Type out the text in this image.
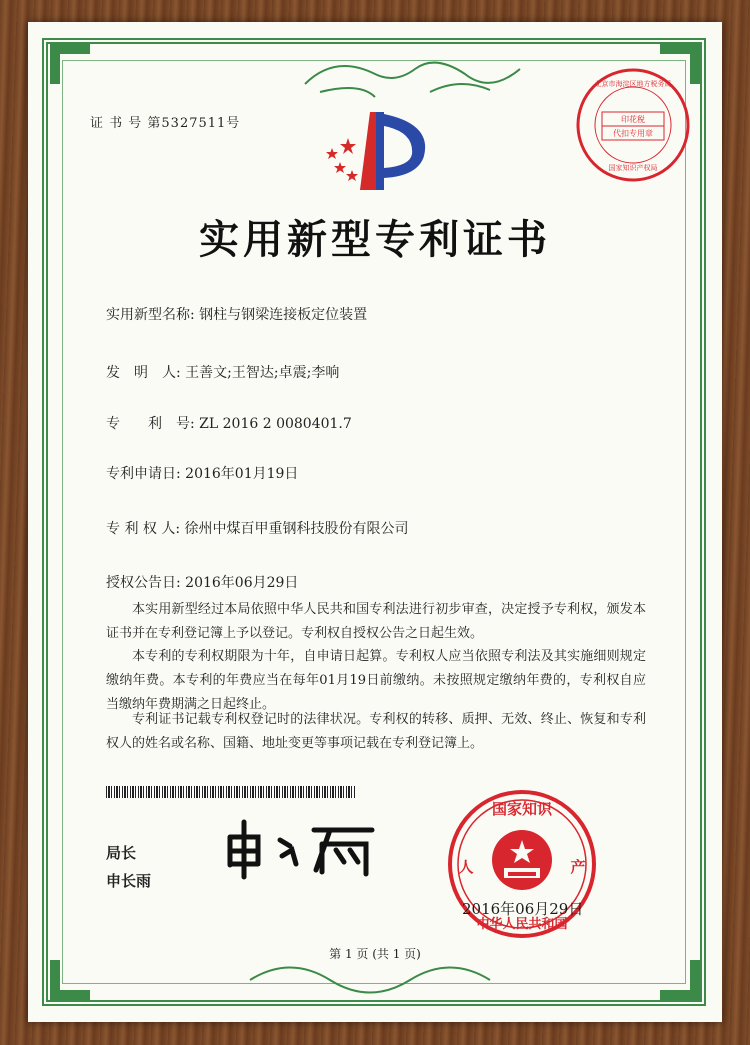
证 书 号 第5327511号	印花税
代扣专用章
北京市海淀区地方税务局
国家知识产权局
实用新型专利证书
实用新型名称: 钢柱与钢梁连接板定位装置
发　明　人: 王善文;王智达;卓震;李响
专　　利　号: ZL 2016 2 0080401.7
专利申请日: 2016年01月19日
专 利 权 人: 徐州中煤百甲重钢科技股份有限公司
授权公告日: 2016年06月29日
本实用新型经过本局依照中华人民共和国专利法进行初步审查，决定授予专利权，颁发本证书并在专利登记簿上予以登记。专利权自授权公告之日起生效。
本专利的专利权期限为十年，自申请日起算。专利权人应当依照专利法及其实施细则规定缴纳年费。本专利的年费应当在每年01月19日前缴纳。未按照规定缴纳年费的，专利权自应当缴纳年费期满之日起终止。
专利证书记载专利权登记时的法律状况。专利权的转移、质押、无效、终止、恢复和专利权人的姓名或名称、国籍、地址变更等事项记载在专利登记簿上。
局长
申长雨
国家知识
人	产
中华人民共和国
2016年06月29日
第 1 页 (共 1 页)
